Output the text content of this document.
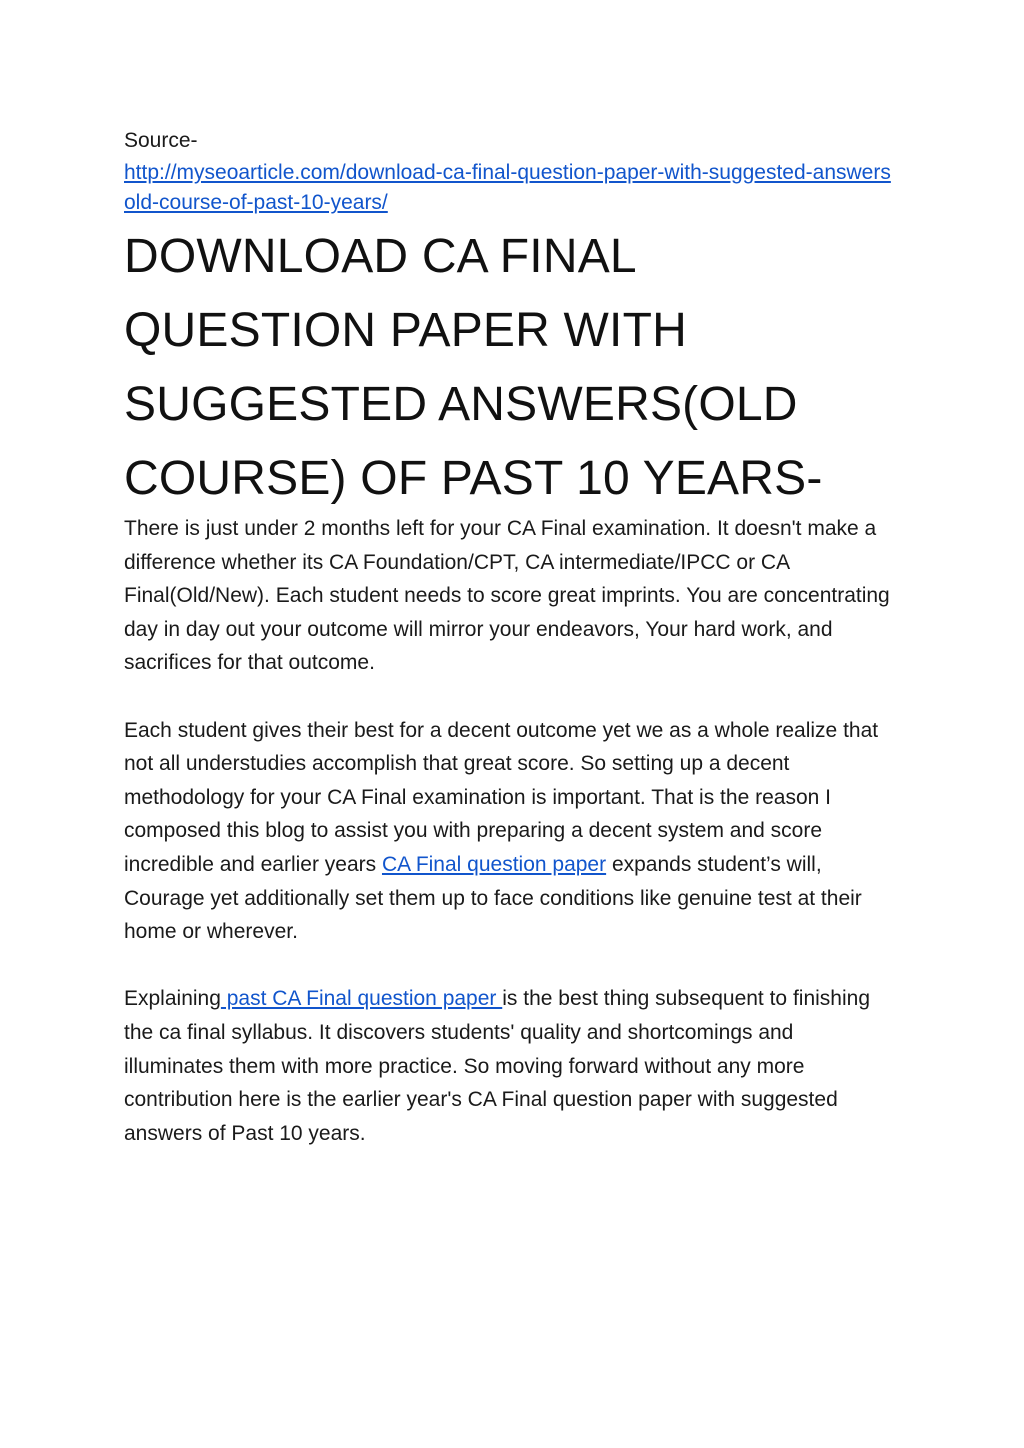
Source-

http://myseoarticle.com/download-ca-final-question-paper-with-suggested-answersold-course-of-past-10-years/
DOWNLOAD CA FINAL QUESTION PAPER WITH SUGGESTED ANSWERS(OLD COURSE) OF PAST 10 YEARS-

There is just under 2 months left for your CA Final examination. It doesn't make a difference whether its CA Foundation/CPT, CA intermediate/IPCC or CA Final(Old/New). Each student needs to score great imprints. You are concentrating day in day out your outcome will mirror your endeavors, Your hard work, and sacrifices for that outcome.

Each student gives their best for a decent outcome yet we as a whole realize that not all understudies accomplish that great score. So setting up a decent methodology for your CA Final examination is important. That is the reason I composed this blog to assist you with preparing a decent system and score incredible and earlier years CA Final question paper expands student’s will, Courage yet additionally set them up to face conditions like genuine test at their home or wherever.

Explaining past CA Final question paper is the best thing subsequent to finishing the ca final syllabus. It discovers students' quality and shortcomings and illuminates them with more practice. So moving forward without any more contribution here is the earlier year's CA Final question paper with suggested answers of Past 10 years.
